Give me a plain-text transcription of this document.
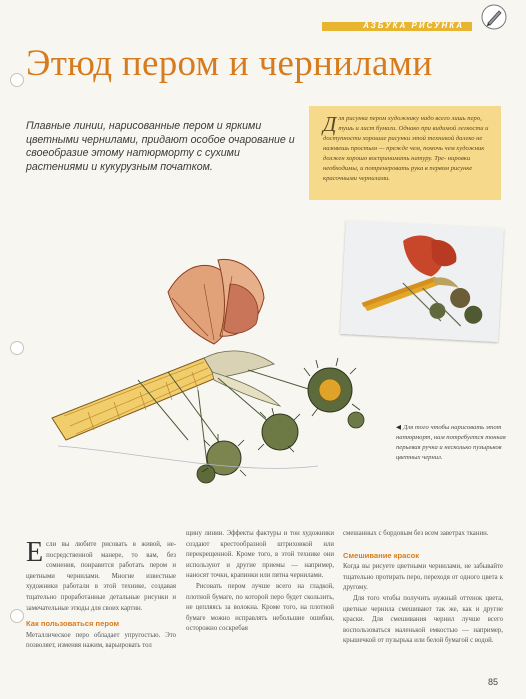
АЗБУКА РИСУНКА
Этюд пером и чернилами
Плавные линии, нарисованные пером и яркими цветными чернилами, придают особое очарование и своеобразие этому натюрморту с сухими растениями и кукурузным початком.
Д ля рисунка пером художнику надо всего лишь перо, тушь и лист бумаги. Однако при видимой легкости и доступности хорошие рисунки этой техникой далеко не назовешь простым — прежде чем, помочь чем художник должен хорошо воспринимать натуру. Тре- нировки необходимы, и потренеровать рука в первом рисунке красочными чернилами.
◀ Для того чтобы нарисовать этот натюрморт, нам потребуется тонкая перьевая ручка и несколько пузырьков цветных чернил.
Е сли вы любите рисовать в живой, не- посредственной манере, то вам, без сомнения, понравится работать пером и цветными чернилами. Многие известные художники работали в этой технике, создавая тщательно проработанные детальные рисунки и замечательные этюды для своих картин.
Как пользоваться пером
Металлическое перо обладает упругостью. Это позволяет, изменяя нажим, варьировать тол
щину линии. Эффекты фактуры и тон художники создают крестообразной штриховкой или перекрещенной. Кроме того, в этой технике они используют и другие приемы — например, наносят точки, крапинки или пятна чернилами.
Рисовать пером лучше всего на гладкой, плотной бумаге, по которой перо будет скользить, не цепляясь за волокна. Кроме того, на плотной бумаге можно исправлять небольшие ошибки, осторожно соскребая
смешанных с бордовым без всем заветрах тканин.
Смешивание красок
Когда вы рисуете цветными чернилами, не забывайте тщательно протирать перо, переходя от одного цвета к другому.
Для того чтобы получить нужный оттенок цвета, цветные чернила смешивают так же, как и другие краски. Для смешивания чернил лучше всего воспользоваться маленькой емкостью — например, крышечкой от пузырька или белой бумагой с водой.
85
